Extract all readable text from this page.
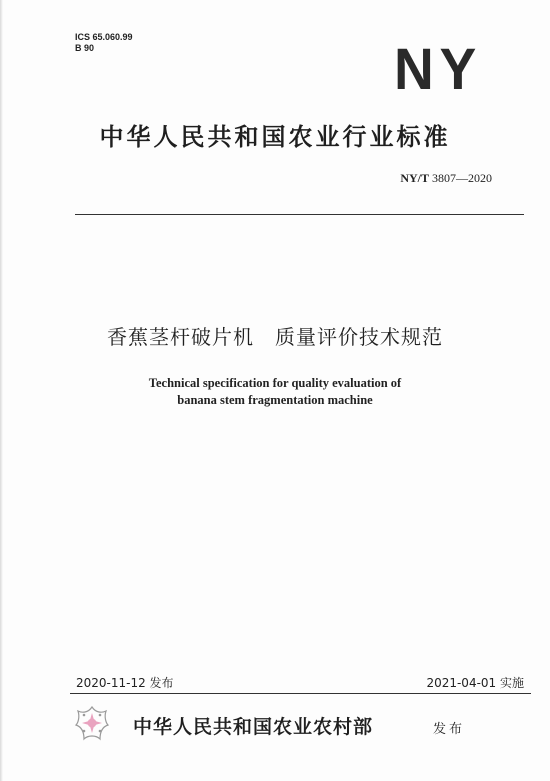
ICS 65.060.99
B 90	NY
中华人民共和国农业行业标准
NY/T 3807—2020
香蕉茎杆破片机　质量评价技术规范
Technical specification for quality evaluation of
banana stem fragmentation machine
2020-11-12 发布	2021-04-01 实施
中华人民共和国农业农村部	发布
